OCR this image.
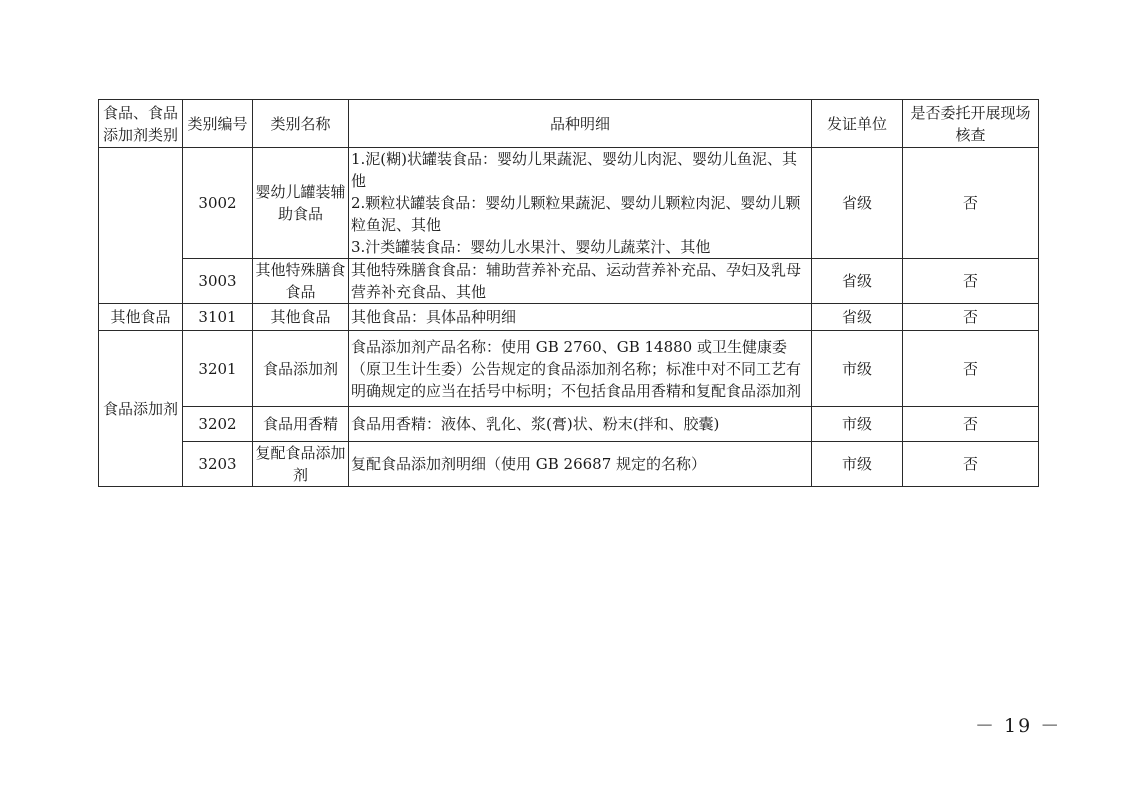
食品、食品添加剂类别	类别编号	类别名称	品种明细	发证单位	是否委托开展现场核查
	3002	婴幼儿罐装辅助食品	1.泥(糊)状罐装食品：婴幼儿果蔬泥、婴幼儿肉泥、婴幼儿鱼泥、其他
2.颗粒状罐装食品：婴幼儿颗粒果蔬泥、婴幼儿颗粒肉泥、婴幼儿颗粒鱼泥、其他
3.汁类罐装食品：婴幼儿水果汁、婴幼儿蔬菜汁、其他	省级	否
	3003	其他特殊膳食食品	其他特殊膳食食品：辅助营养补充品、运动营养补充品、孕妇及乳母营养补充食品、其他	省级	否
其他食品	3101	其他食品	其他食品：具体品种明细	省级	否
食品添加剂	3201	食品添加剂	食品添加剂产品名称：使用 GB 2760、GB 14880 或卫生健康委（原卫生计生委）公告规定的食品添加剂名称；标准中对不同工艺有明确规定的应当在括号中标明；不包括食品用香精和复配食品添加剂	市级	否
	3202	食品用香精	食品用香精：液体、乳化、浆(膏)状、粉末(拌和、胶囊)	市级	否
	3203	复配食品添加剂	复配食品添加剂明细（使用 GB 26687 规定的名称）	市级	否
－ 19 －
